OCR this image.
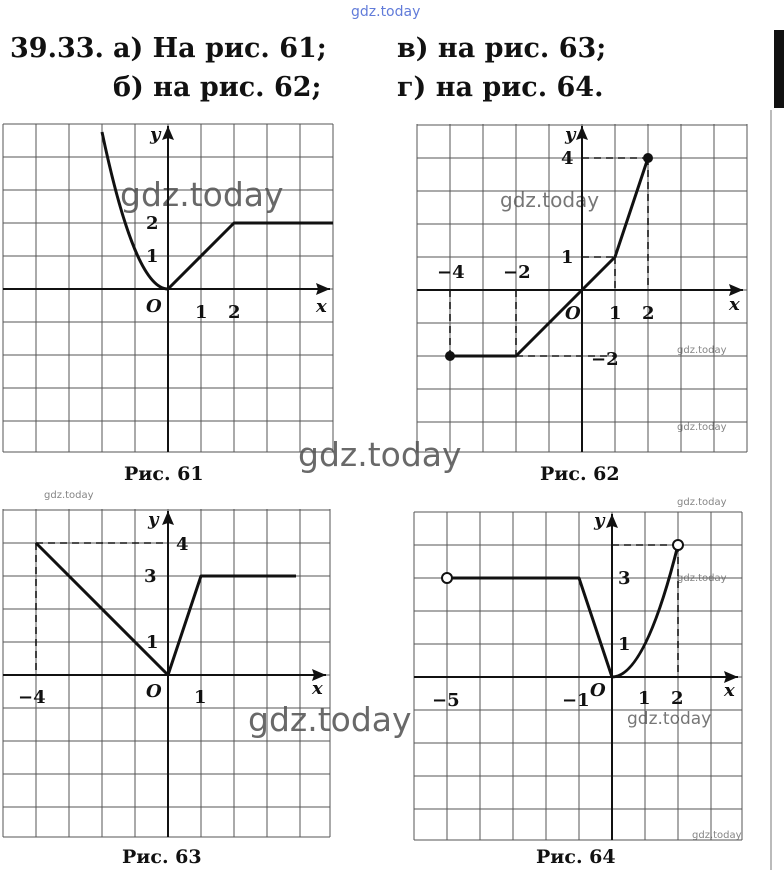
gdz.today
gdz.today	gdz.today
gdz.today
gdz.today
gdz.today
gdz.today
gdz.today
gdz.today
gdz.today	gdz.today
gdz.today
39.33. а) На рис. 61;	в) на рис. 63;
б) на рис. 62;	г) на рис. 64.
y
x
O 1 2
1
2
Рис. 61
y
x
O
−4 −2
1 2
−2
1
4
Рис. 62
y
x
O
−4	1
1
3
4
Рис. 63
y
x
O
−5	−1	1 2
1
3
Рис. 64
